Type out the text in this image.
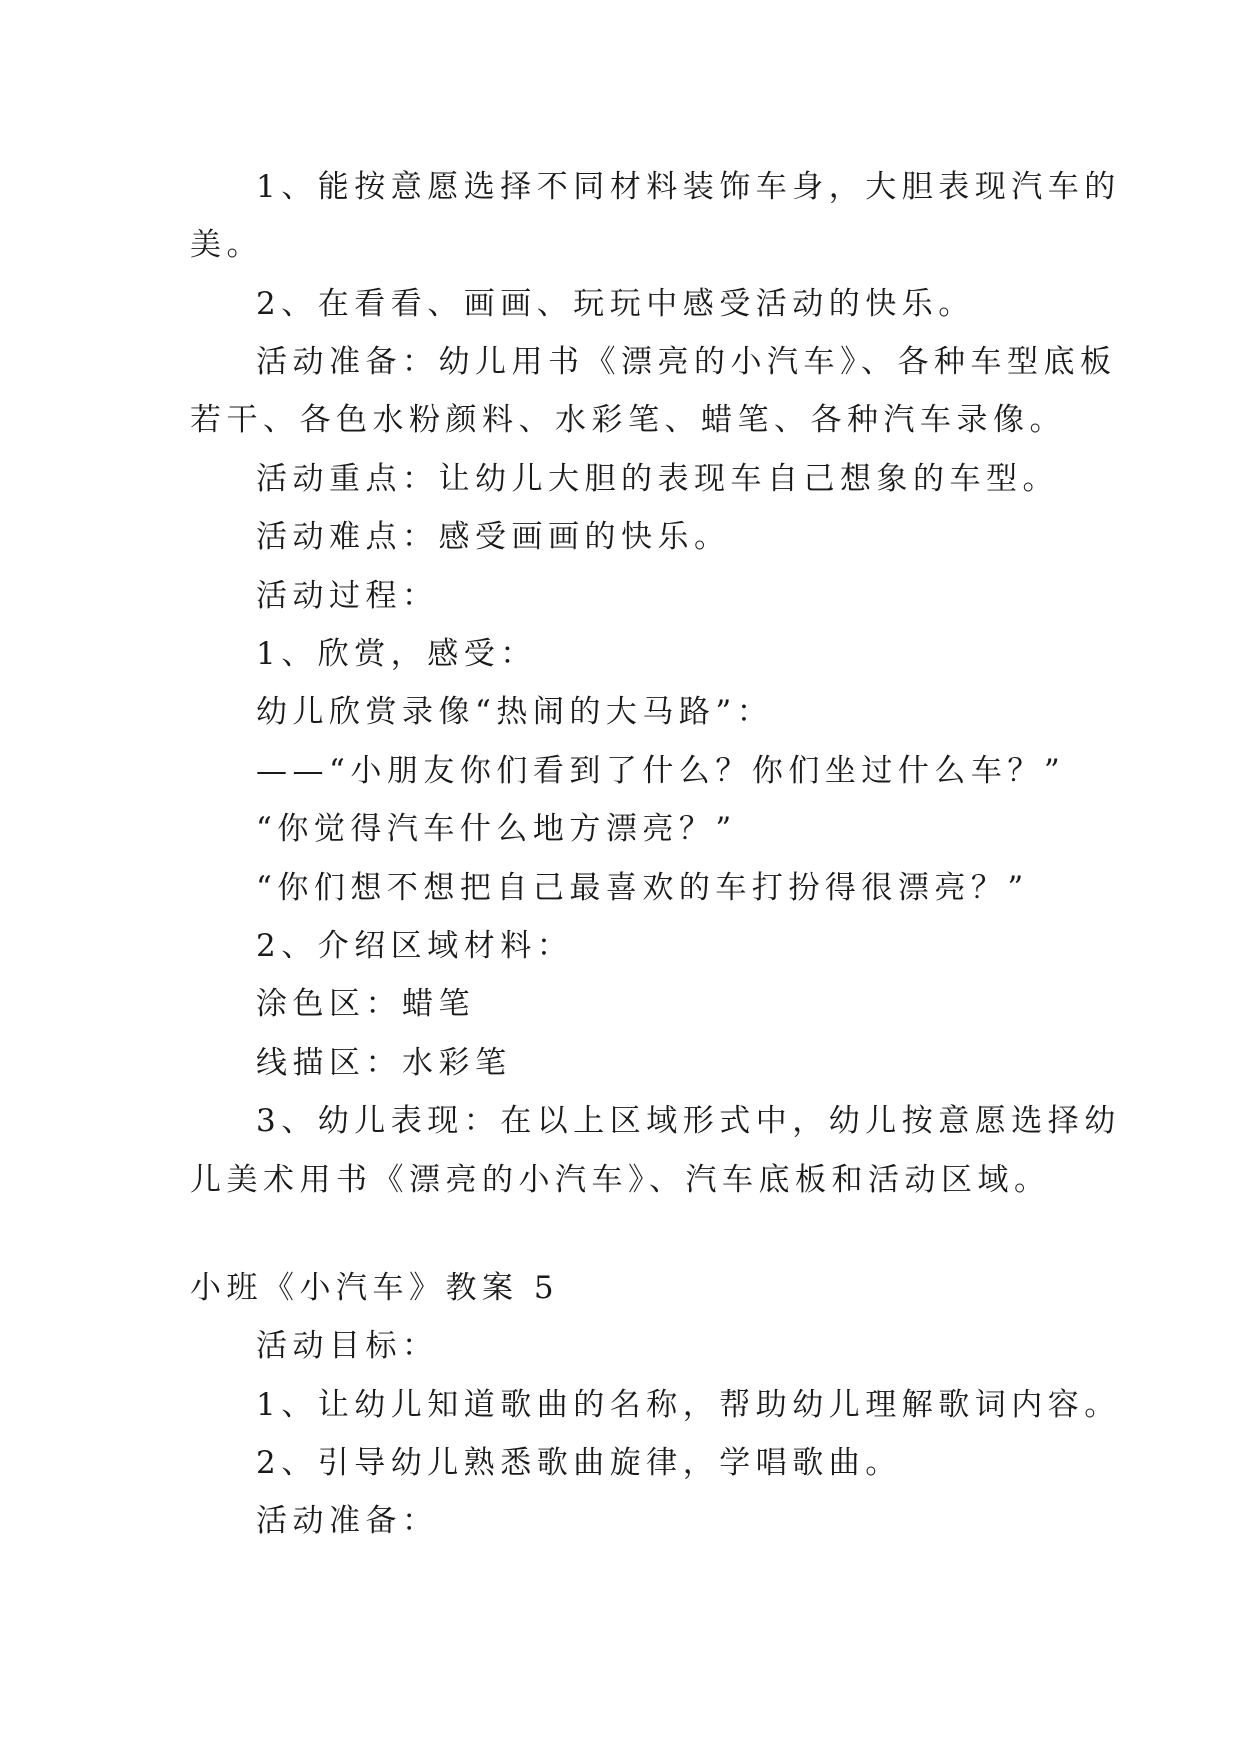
1、能按意愿选择不同材料装饰车身，大胆表现汽车的
美。
2、在看看、画画、玩玩中感受活动的快乐。
活动准备：幼儿用书《漂亮的小汽车》、各种车型底板
若干、各色水粉颜料、水彩笔、蜡笔、各种汽车录像。
活动重点：让幼儿大胆的表现车自己想象的车型。
活动难点：感受画画的快乐。
活动过程：
1、欣赏，感受：
幼儿欣赏录像“热闹的大马路”：
——“小朋友你们看到了什么？你们坐过什么车？”
“你觉得汽车什么地方漂亮？”
“你们想不想把自己最喜欢的车打扮得很漂亮？”
2、介绍区域材料：
涂色区：蜡笔
线描区：水彩笔
3、幼儿表现：在以上区域形式中，幼儿按意愿选择幼
儿美术用书《漂亮的小汽车》、汽车底板和活动区域。
小班《小汽车》教案 5
活动目标：
1、让幼儿知道歌曲的名称，帮助幼儿理解歌词内容。
2、引导幼儿熟悉歌曲旋律，学唱歌曲。
活动准备：
